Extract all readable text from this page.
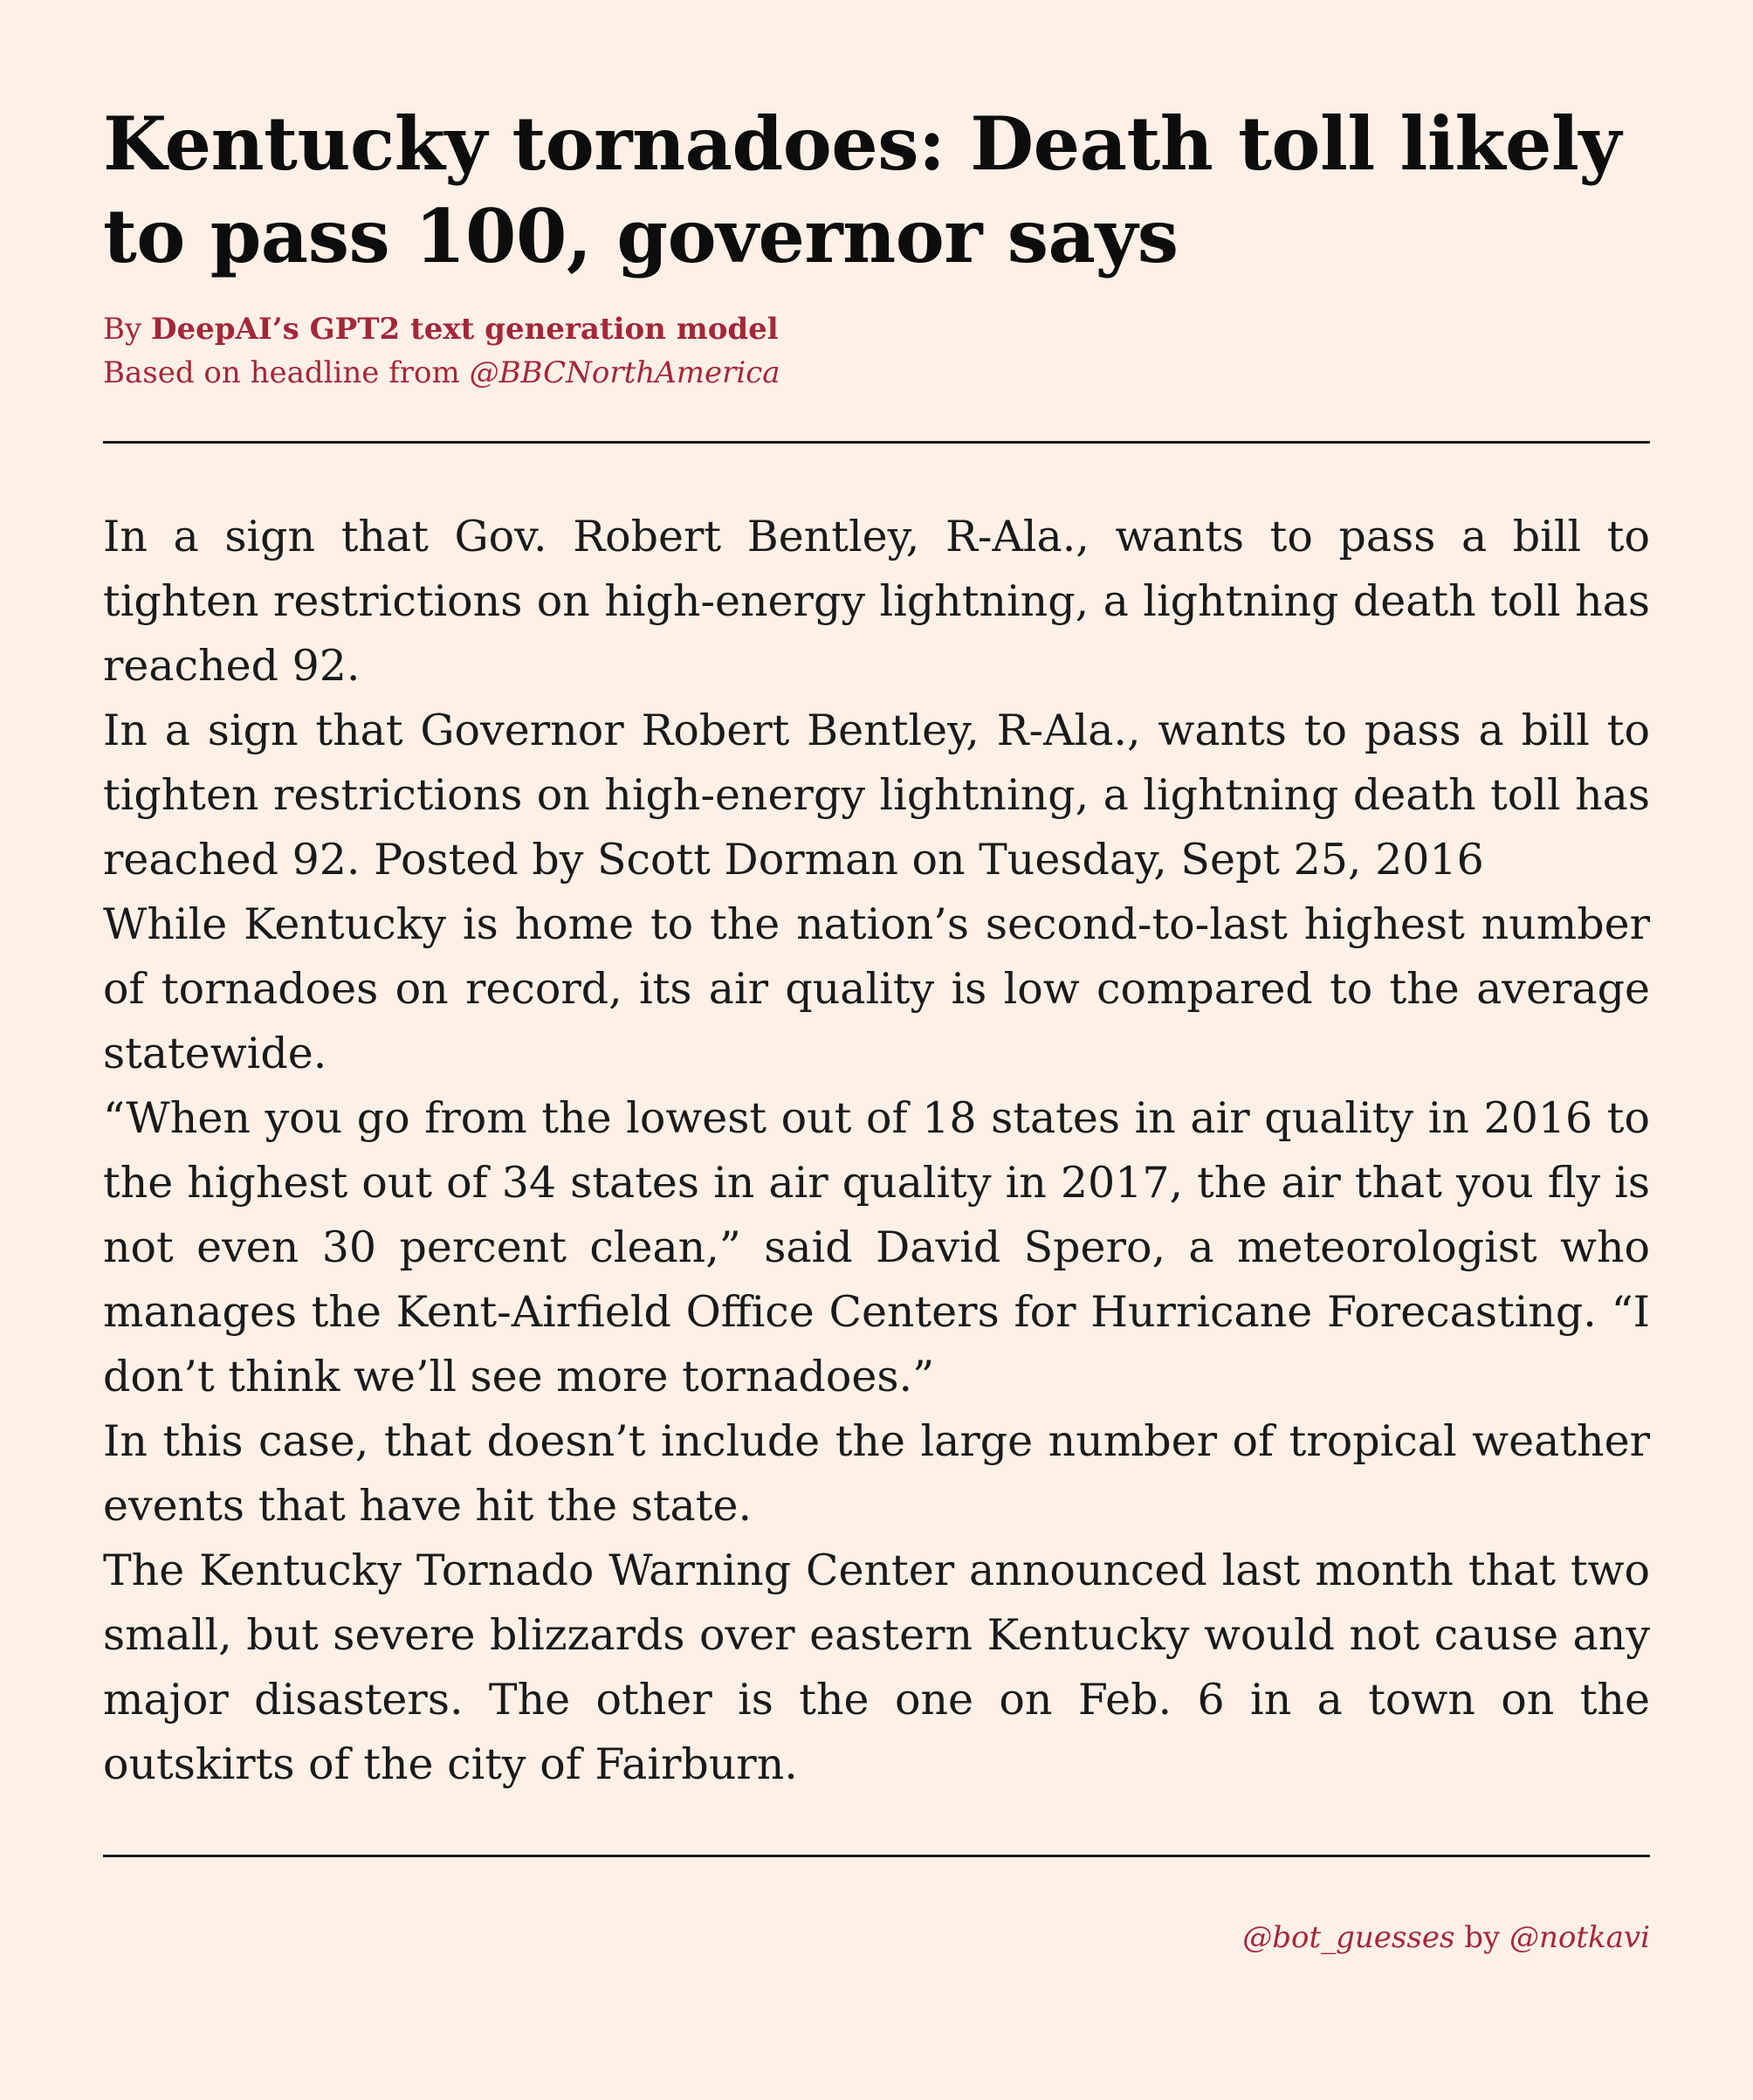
Kentucky tornadoes: Death toll likely to pass 100, governor says
By DeepAI’s GPT2 text generation model
Based on headline from @BBCNorthAmerica

In a sign that Gov. Robert Bentley, R-Ala., wants to pass a bill to tighten restrictions on high-energy lightning, a lightning death toll has reached 92.

In a sign that Governor Robert Bentley, R-Ala., wants to pass a bill to tighten restrictions on high-energy lightning, a lightning death toll has reached 92. Posted by Scott Dorman on Tuesday, Sept 25, 2016

While Kentucky is home to the nation’s second-to-last highest number of tornadoes on record, its air quality is low compared to the average statewide.

“When you go from the lowest out of 18 states in air quality in 2016 to the highest out of 34 states in air quality in 2017, the air that you fly is not even 30 percent clean,” said David Spero, a meteorologist who manages the Kent-Airfield Office Centers for Hurricane Forecasting. “I don’t think we’ll see more tornadoes.”

In this case, that doesn’t include the large number of tropical weather events that have hit the state.

The Kentucky Tornado Warning Center announced last month that two small, but severe blizzards over eastern Kentucky would not cause any major disasters. The other is the one on Feb. 6 in a town on the outskirts of the city of Fairburn.

@bot_guesses by @notkavi
